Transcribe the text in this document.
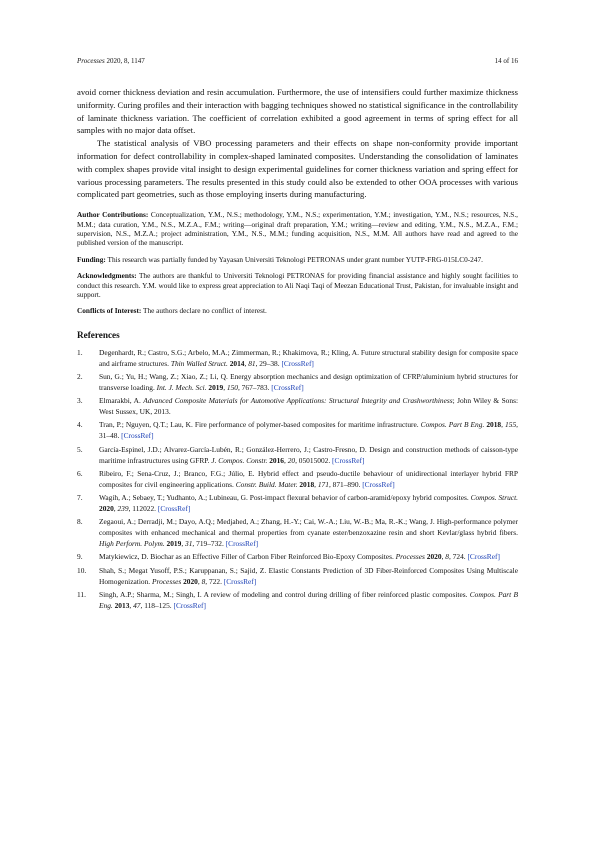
Processes 2020, 8, 1147	14 of 16

avoid corner thickness deviation and resin accumulation. Furthermore, the use of intensifiers could further maximize thickness uniformity. Curing profiles and their interaction with bagging techniques showed no statistical significance in the controllability of laminate thickness variation. The coefficient of correlation exhibited a good agreement in terms of spring effect for all samples with no major data offset.

The statistical analysis of VBO processing parameters and their effects on shape non-conformity provide important information for defect controllability in complex-shaped laminated composites. Understanding the consolidation of laminates with complex shapes provide vital insight to design experimental guidelines for corner thickness variation and spring effect for various processing parameters. The results presented in this study could also be extended to other OOA processes with various complicated part geometries, such as those employing inserts during manufacturing.

Author Contributions: Conceptualization, Y.M., N.S.; methodology, Y.M., N.S.; experimentation, Y.M.; investigation, Y.M., N.S.; resources, N.S., M.M.; data curation, Y.M., N.S., M.Z.A., F.M.; writing—original draft preparation, Y.M.; writing—review and editing, Y.M., N.S., M.Z.A., F.M.; supervision, N.S., M.Z.A.; project administration, Y.M., N.S., M.M.; funding acquisition, N.S., M.M. All authors have read and agreed to the published version of the manuscript.
Funding: This research was partially funded by Yayasan Universiti Teknologi PETRONAS under grant number YUTP-FRG-015LC0-247.
Acknowledgments: The authors are thankful to Universiti Teknologi PETRONAS for providing financial assistance and highly sought facilities to conduct this research. Y.M. would like to express great appreciation to Ali Naqi Taqi of Meezan Educational Trust, Pakistan, for invaluable insight and support.
Conflicts of Interest: The authors declare no conflict of interest.
References
1.	Degenhardt, R.; Castro, S.G.; Arbelo, M.A.; Zimmerman, R.; Khakimova, R.; Kling, A. Future structural stability design for composite space and airframe structures. Thin Walled Struct. 2014, 81, 29–38. [CrossRef]
2.	Sun, G.; Yu, H.; Wang, Z.; Xiao, Z.; Li, Q. Energy absorption mechanics and design optimization of CFRP/aluminium hybrid structures for transverse loading. Int. J. Mech. Sci. 2019, 150, 767–783. [CrossRef]
3.	Elmarakbi, A. Advanced Composite Materials for Automotive Applications: Structural Integrity and Crashworthiness; John Wiley & Sons: West Sussex, UK, 2013.
4.	Tran, P.; Nguyen, Q.T.; Lau, K. Fire performance of polymer-based composites for maritime infrastructure. Compos. Part B Eng. 2018, 155, 31–48. [CrossRef]
5.	García-Espinel, J.D.; Alvarez-García-Lubén, R.; González-Herrero, J.; Castro-Fresno, D. Design and construction methods of caisson-type maritime infrastructures using GFRP. J. Compos. Constr. 2016, 20, 05015002. [CrossRef]
6.	Ribeiro, F.; Sena-Cruz, J.; Branco, F.G.; Júlio, E. Hybrid effect and pseudo-ductile behaviour of unidirectional interlayer hybrid FRP composites for civil engineering applications. Constr. Build. Mater. 2018, 171, 871–890. [CrossRef]
7.	Wagih, A.; Sebaey, T.; Yudhanto, A.; Lubineau, G. Post-impact flexural behavior of carbon-aramid/epoxy hybrid composites. Compos. Struct. 2020, 239, 112022. [CrossRef]
8.	Zegaoui, A.; Derradji, M.; Dayo, A.Q.; Medjahed, A.; Zhang, H.-Y.; Cai, W.-A.; Liu, W.-B.; Ma, R.-K.; Wang, J. High-performance polymer composites with enhanced mechanical and thermal properties from cyanate ester/benzoxazine resin and short Kevlar/glass hybrid fibers. High Perform. Polym. 2019, 31, 719–732. [CrossRef]
9.	Matykiewicz, D. Biochar as an Effective Filler of Carbon Fiber Reinforced Bio-Epoxy Composites. Processes 2020, 8, 724. [CrossRef]
10.	Shah, S.; Megat Yusoff, P.S.; Karuppanan, S.; Sajid, Z. Elastic Constants Prediction of 3D Fiber-Reinforced Composites Using Multiscale Homogenization. Processes 2020, 8, 722. [CrossRef]
11.	Singh, A.P.; Sharma, M.; Singh, I. A review of modeling and control during drilling of fiber reinforced plastic composites. Compos. Part B Eng. 2013, 47, 118–125. [CrossRef]
